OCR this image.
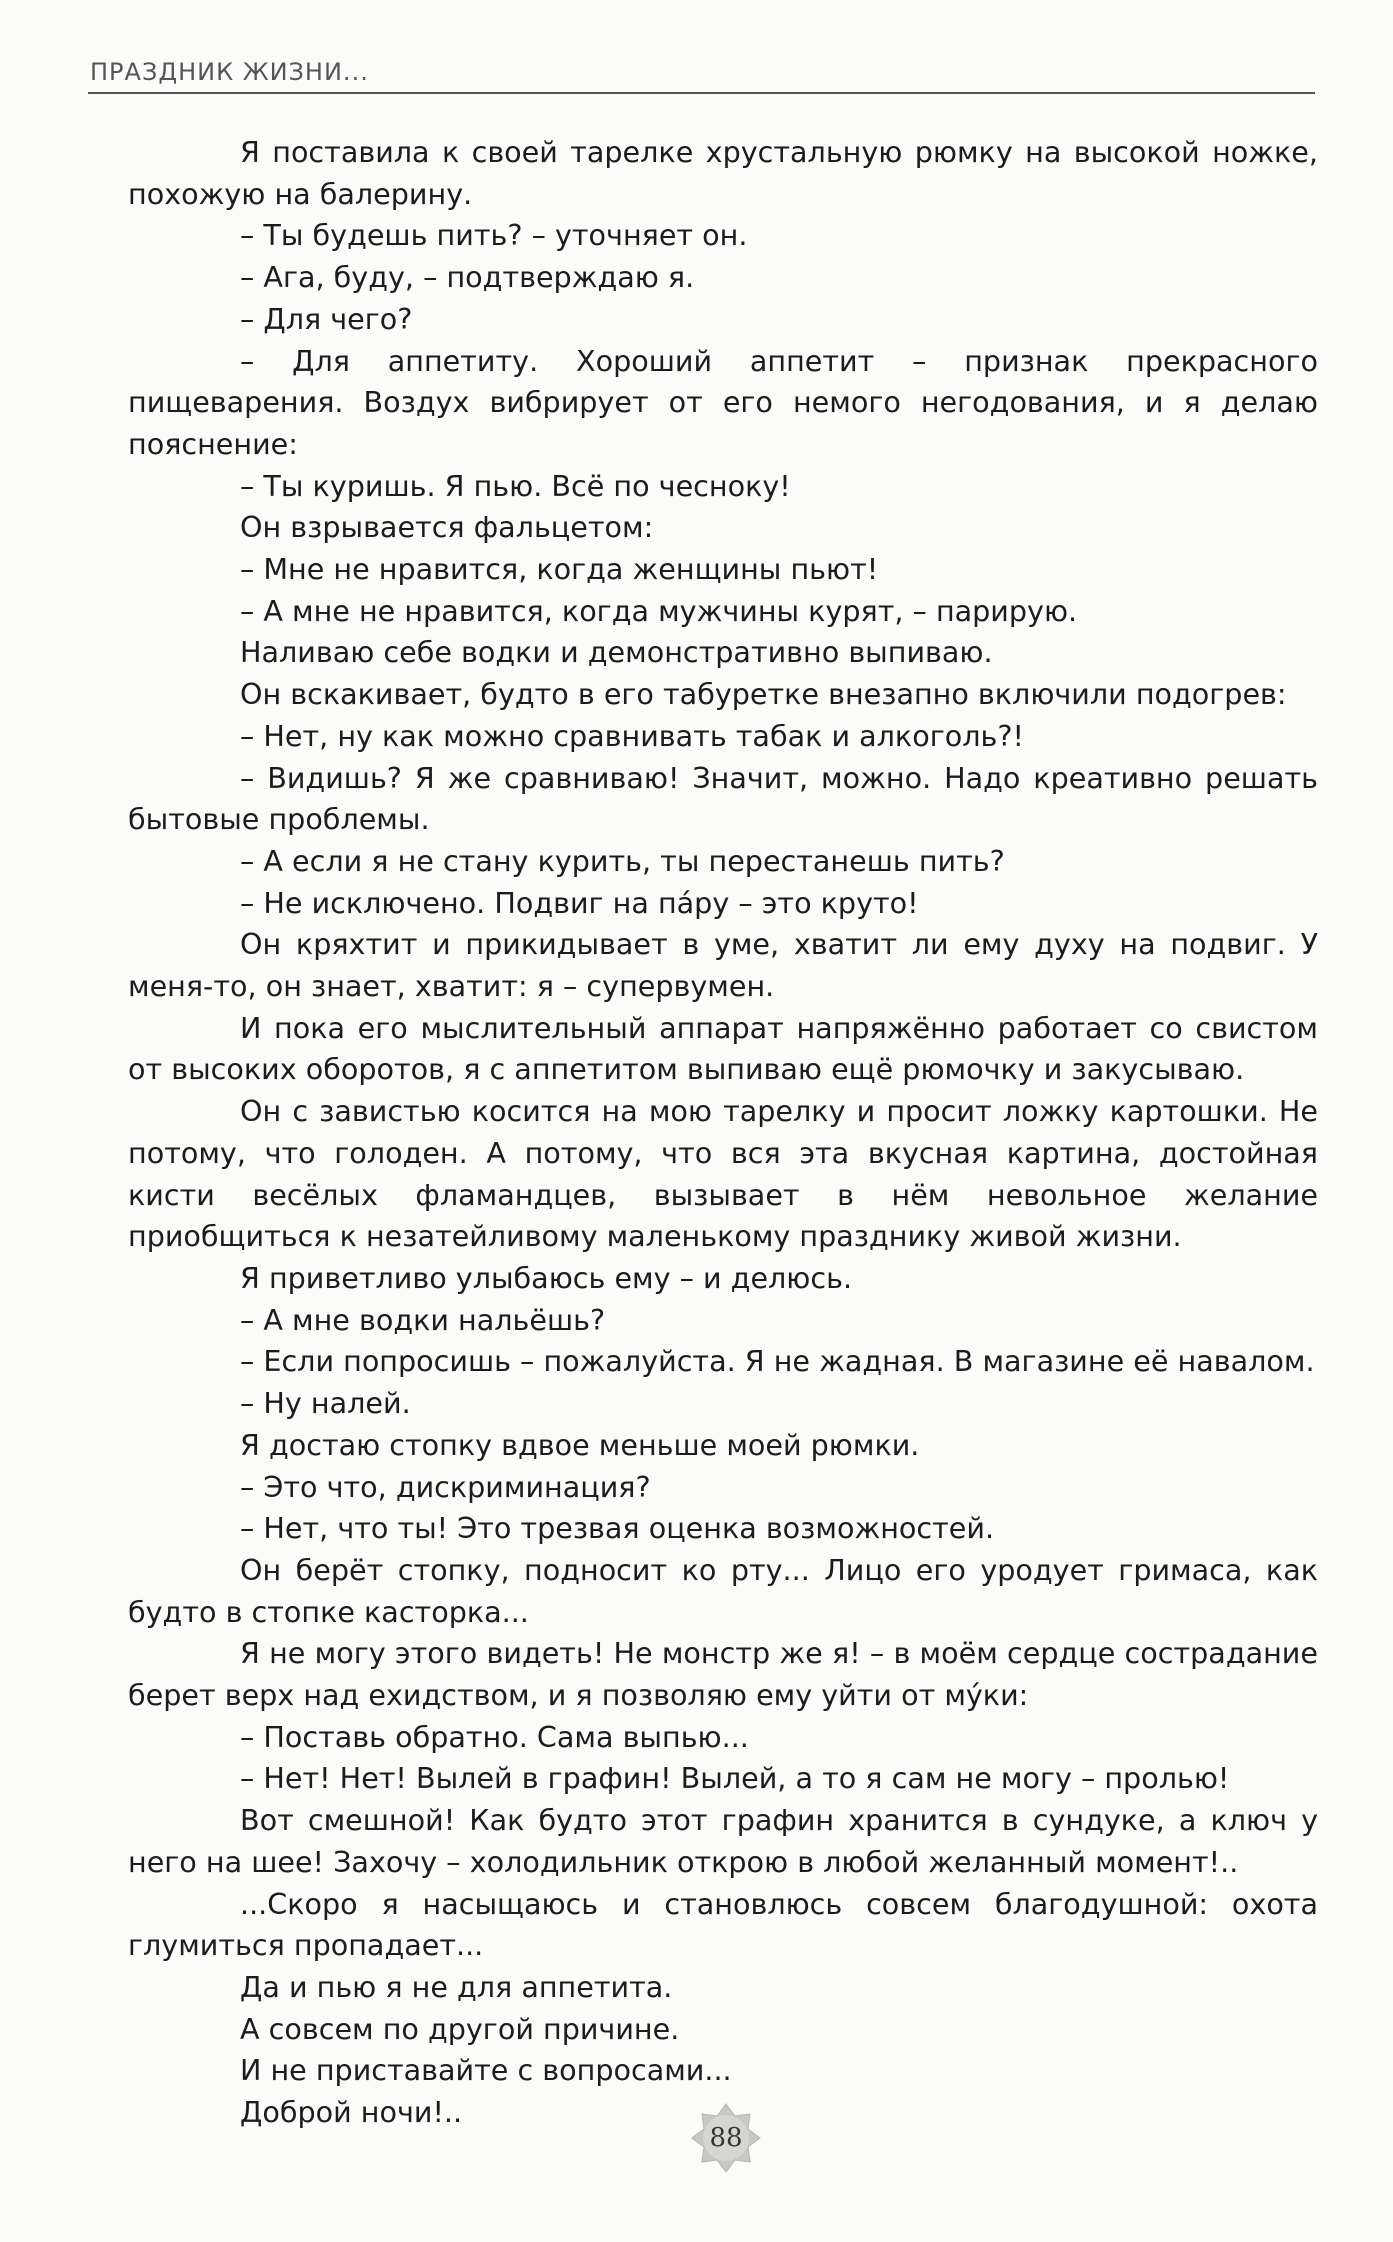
ПРАЗДНИК ЖИЗНИ...

Я поставила к своей тарелке хрустальную рюмку на высокой ножке, похожую на балерину.

– Ты будешь пить? – уточняет он.

– Ага, буду, – подтверждаю я.

– Для чего?

– Для аппетиту. Хороший аппетит – признак прекрасного пищеварения. Воздух вибрирует от его немого негодования, и я делаю пояснение:

– Ты куришь. Я пью. Всё по чесноку!

Он взрывается фальцетом:

– Мне не нравится, когда женщины пьют!

– А мне не нравится, когда мужчины курят, – парирую.

Наливаю себе водки и демонстративно выпиваю.

Он вскакивает, будто в его табуретке внезапно включили подогрев:

– Нет, ну как можно сравнивать табак и алкоголь?!

– Видишь? Я же сравниваю! Значит, можно. Надо креативно решать бытовые проблемы.

– А если я не стану курить, ты перестанешь пить?

– Не исключено. Подвиг на пáру – это круто!

Он кряхтит и прикидывает в уме, хватит ли ему духу на подвиг. У меня-то, он знает, хватит: я – супервумен.

И пока его мыслительный аппарат напряжённо работает со свистом от высоких оборотов, я с аппетитом выпиваю ещё рюмочку и закусываю.

Он с завистью косится на мою тарелку и просит ложку картошки. Не потому, что голоден. А потому, что вся эта вкусная картина, достойная кисти весёлых фламандцев, вызывает в нём невольное желание приобщиться к незатейливому маленькому празднику живой жизни.

Я приветливо улыбаюсь ему – и делюсь.

– А мне водки нальёшь?

– Если попросишь – пожалуйста. Я не жадная. В магазине её навалом.

– Ну налей.

Я достаю стопку вдвое меньше моей рюмки.

– Это что, дискриминация?

– Нет, что ты! Это трезвая оценка возможностей.

Он берёт стопку, подносит ко рту... Лицо его уродует гримаса, как будто в стопке касторка...

Я не могу этого видеть! Не монстр же я! – в моём сердце сострадание берет верх над ехидством, и я позволяю ему уйти от мýки:

– Поставь обратно. Сама выпью...

– Нет! Нет! Вылей в графин! Вылей, а то я сам не могу – пролью!

Вот смешной! Как будто этот графин хранится в сундуке, а ключ у него на шее! Захочу – холодильник открою в любой желанный момент!..

...Скоро я насыщаюсь и становлюсь совсем благодушной: охота глумиться пропадает...

Да и пью я не для аппетита.

А совсем по другой причине.

И не приставайте с вопросами...

Доброй ночи!..

88
